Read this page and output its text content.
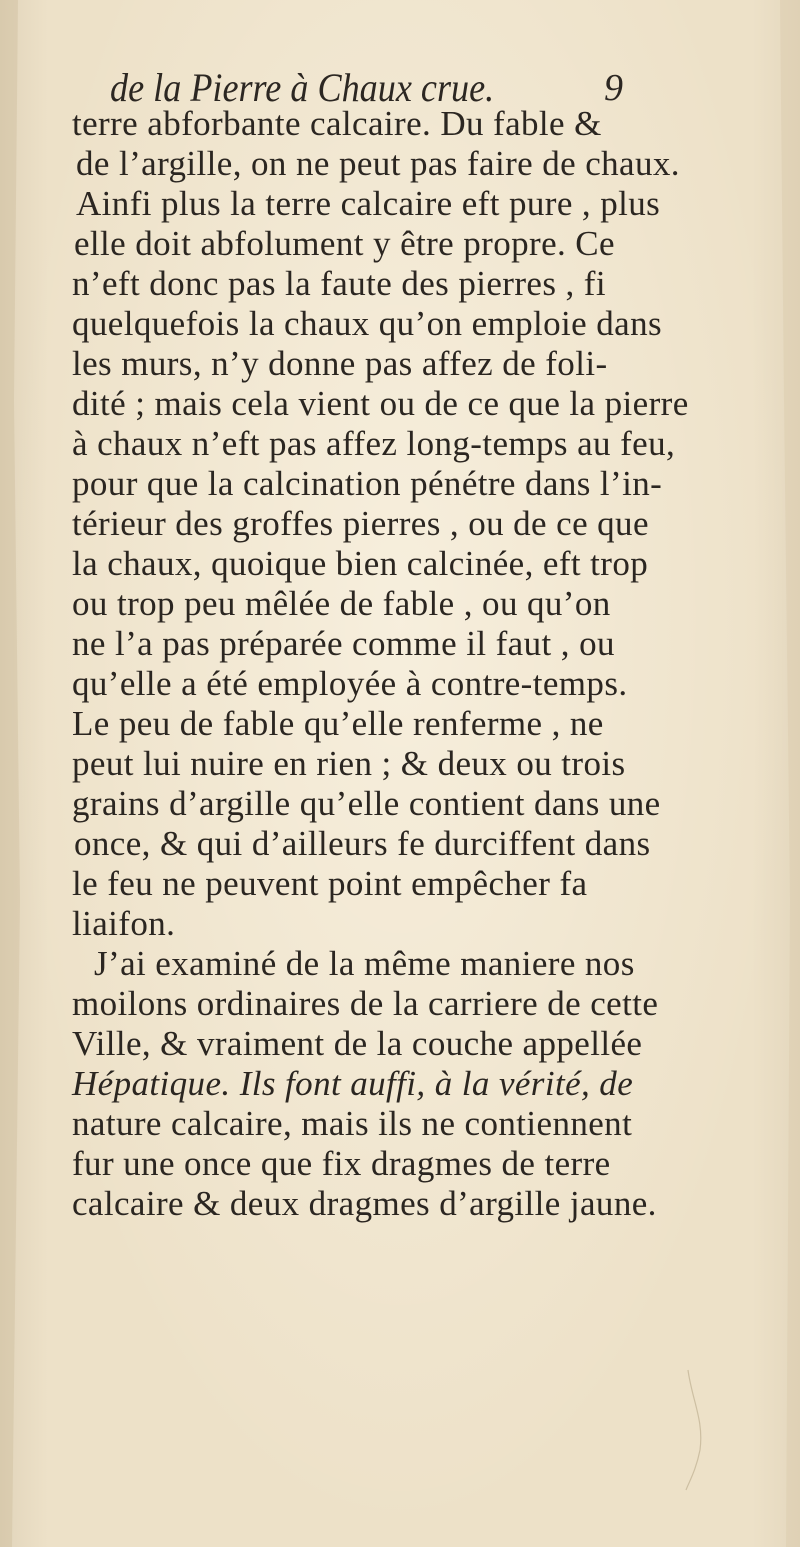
de la Pierre à Chaux crue.	9
terre abforbante calcaire. Du fable &
de l’argille, on ne peut pas faire de chaux.
Ainfi plus la terre calcaire eft pure , plus
elle doit abfolument y être propre. Ce
n’eft donc pas la faute des pierres , fi
quelquefois la chaux qu’on emploie dans
les murs, n’y donne pas affez de foli-
dité ; mais cela vient ou de ce que la pierre
à chaux n’eft pas affez long-temps au feu,
pour que la calcination pénétre dans l’in-
térieur des groffes pierres , ou de ce que
la chaux, quoique bien calcinée, eft trop
ou trop peu mêlée de fable , ou qu’on
ne l’a pas préparée comme il faut , ou
qu’elle a été employée à contre-temps.
Le peu de fable qu’elle renferme , ne
peut lui nuire en rien ; & deux ou trois
grains d’argille qu’elle contient dans une
once, & qui d’ailleurs fe durciffent dans
le feu ne peuvent point empêcher fa
liaifon.
J’ai examiné de la même maniere nos
moilons ordinaires de la carriere de cette
Ville, & vraiment de la couche appellée
Hépatique. Ils font auffi, à la vérité, de
nature calcaire, mais ils ne contiennent
fur une once que fix dragmes de terre
calcaire & deux dragmes d’argille jaune.
